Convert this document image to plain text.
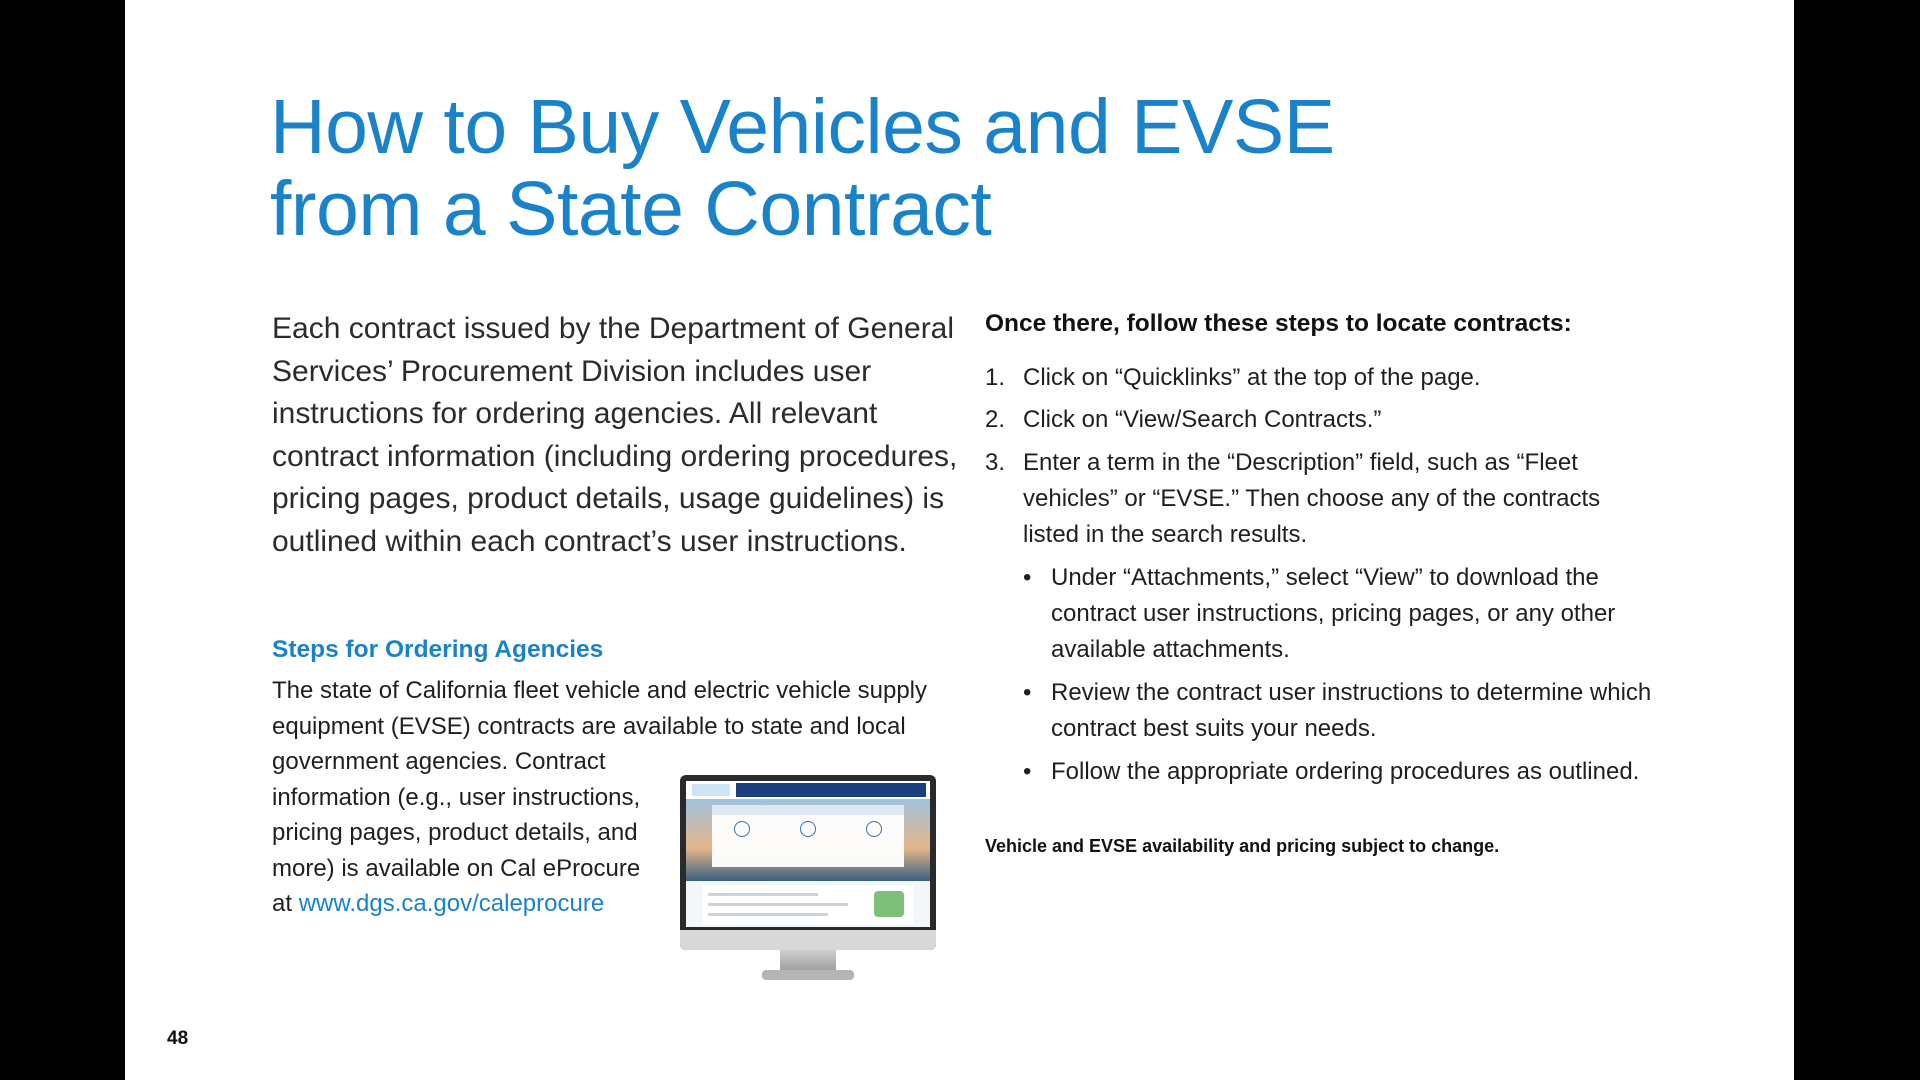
How to Buy Vehicles and EVSE
from a State Contract

Each contract issued by the Department of General Services’ Procurement Division includes user instructions for ordering agencies. All relevant contract information (including ordering procedures, pricing pages, product details, usage guidelines) is outlined within each contract’s user instructions.

Steps for Ordering Agencies

The state of California fleet vehicle and electric vehicle supply equipment (EVSE) contracts are available to state and local

government agencies. Contract information (e.g., user instructions, pricing pages, product details, and more) is available on Cal eProcure at www.dgs.ca.gov/caleprocure

Once there, follow these steps to locate contracts:
1. Click on “Quicklinks” at the top of the page.
2. Click on “View/Search Contracts.”
3. Enter a term in the “Description” field, such as “Fleet vehicles” or “EVSE.” Then choose any of the contracts listed in the search results.
• Under “Attachments,” select “View” to download the contract user instructions, pricing pages, or any other available attachments.
• Review the contract user instructions to determine which contract best suits your needs.
• Follow the appropriate ordering procedures as outlined.

Vehicle and EVSE availability and pricing subject to change.

48
